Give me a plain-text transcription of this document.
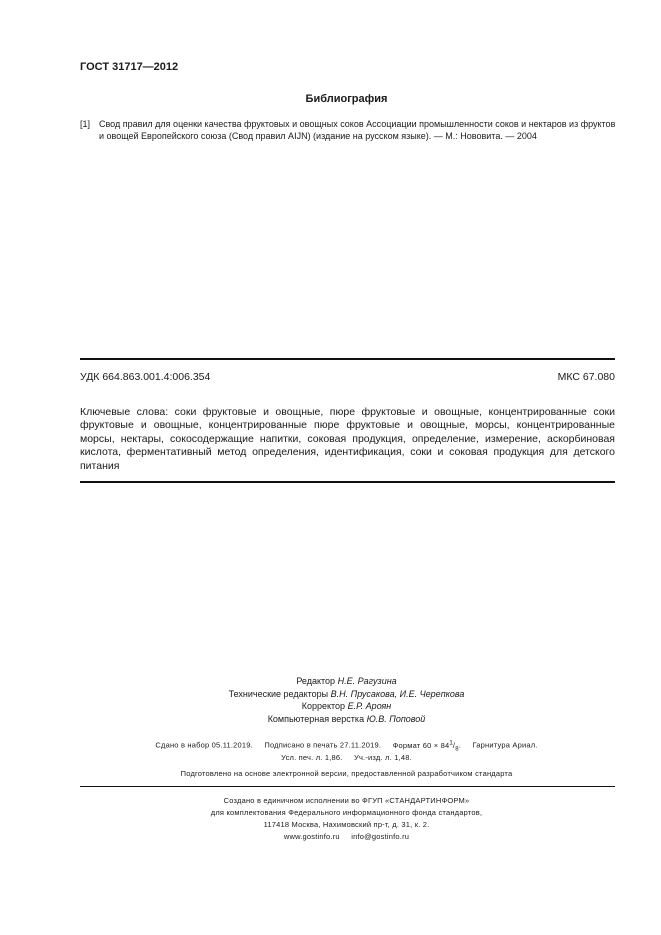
ГОСТ 31717—2012
Библиография
[1] Свод правил для оценки качества фруктовых и овощных соков Ассоциации промышленности соков и нектаров из фруктов и овощей Европейского союза (Свод правил AIJN) (издание на русском языке). — М.: Нововита. — 2004
УДК 664.863.001.4:006.354	МКС 67.080
Ключевые слова: соки фруктовые и овощные, пюре фруктовые и овощные, концентрированные соки фруктовые и овощные, концентрированные пюре фруктовые и овощные, морсы, концентрированные морсы, нектары, сокосодержащие напитки, соковая продукция, определение, измерение, аскорбиновая кислота, ферментативный метод определения, идентификация, соки и соковая продукция для детского питания
Редактор Н.Е. Рагузина
Технические редакторы В.Н. Прусакова, И.Е. Черепкова
Корректор Е.Р. Ароян
Компьютерная верстка Ю.В. Поповой
Сдано в набор 05.11.2019. Подписано в печать 27.11.2019. Формат $60 \times 84^1/_8$.     Гарнитура Ариал.
Усл. печ. л. 1,86. Уч.-изд. л. 1,48.
Подготовлено на основе электронной версии, предоставленной разработчиком стандарта
Создано в единичном исполнении во ФГУП «СТАНДАРТИНФОРМ»
для комплектования Федерального информационного фонда стандартов,
117418 Москва, Нахимовский пр-т, д. 31, к. 2.
www.gostinfo.ru info@gostinfo.ru
